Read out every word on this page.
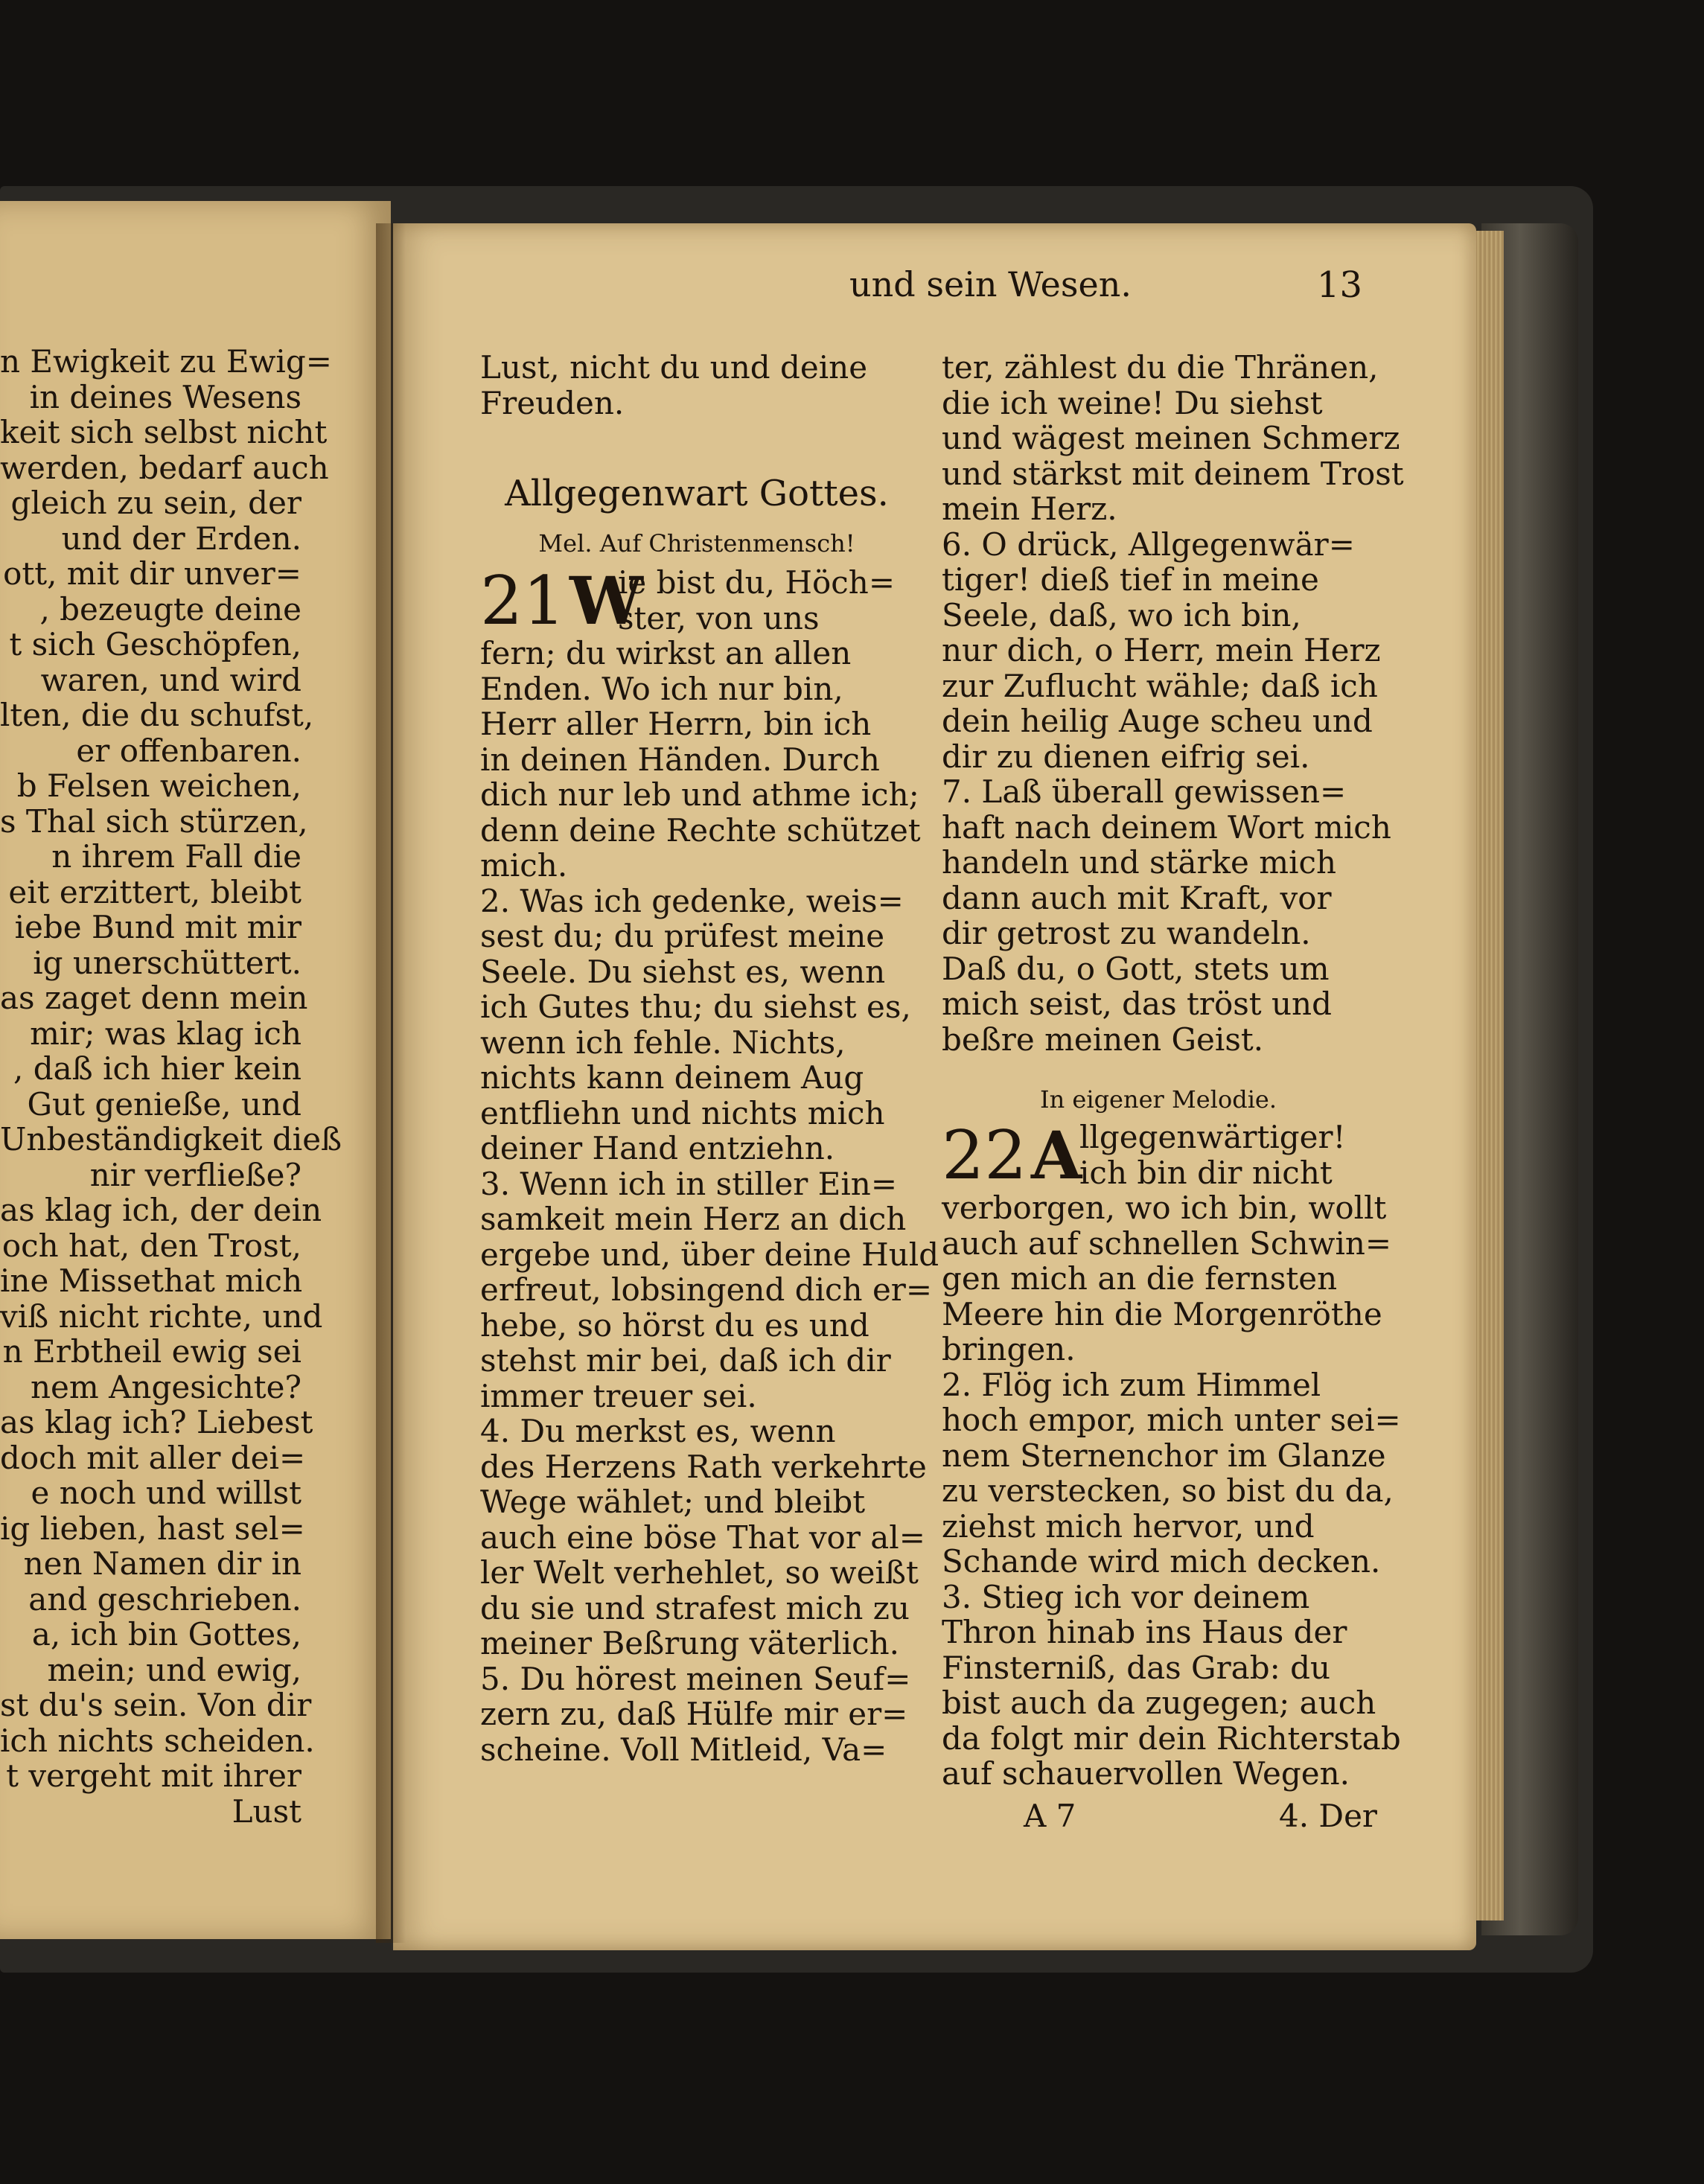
und sein Wesen.	13
n Ewigkeit zu Ewig=
in deines Wesens
keit sich selbst nicht
werden, bedarf auch
gleich zu sein, der
und der Erden.
ott, mit dir unver=
, bezeugte deine
t sich Geschöpfen,
waren, und wird
lten, die du schufst,
er offenbaren.
b Felsen weichen,
s Thal sich stürzen,
n ihrem Fall die
eit erzittert, bleibt
iebe Bund mit mir
ig unerschüttert.
as zaget denn mein
mir; was klag ich
, daß ich hier kein
Gut genieße, und
Unbeständigkeit dieß
nir verfließe?
as klag ich, der dein
och hat, den Trost,
ine Missethat mich
viß nicht richte, und
n Erbtheil ewig sei
nem Angesichte?
as klag ich? Liebest
doch mit aller dei=
e noch und willst
ig lieben, hast sel=
nen Namen dir in
and geschrieben.
a, ich bin Gottes,
mein; und ewig,
st du's sein. Von dir
ich nichts scheiden.
t vergeht mit ihrer
Lust
Lust, nicht du und deine
Freuden.
Allgegenwart Gottes.
Mel. Auf Christenmensch!
21 W
ie bist du, Höch=
ster, von uns
fern; du wirkst an allen
Enden. Wo ich nur bin,
Herr aller Herrn, bin ich
in deinen Händen. Durch
dich nur leb und athme ich;
denn deine Rechte schützet
mich.
2. Was ich gedenke, weis=
sest du; du prüfest meine
Seele. Du siehst es, wenn
ich Gutes thu; du siehst es,
wenn ich fehle. Nichts,
nichts kann deinem Aug
entfliehn und nichts mich
deiner Hand entziehn.
3. Wenn ich in stiller Ein=
samkeit mein Herz an dich
ergebe und, über deine Huld
erfreut, lobsingend dich er=
hebe, so hörst du es und
stehst mir bei, daß ich dir
immer treuer sei.
4. Du merkst es, wenn
des Herzens Rath verkehrte
Wege wählet; und bleibt
auch eine böse That vor al=
ler Welt verhehlet, so weißt
du sie und strafest mich zu
meiner Beßrung väterlich.
5. Du hörest meinen Seuf=
zern zu, daß Hülfe mir er=
scheine. Voll Mitleid, Va=
ter, zählest du die Thränen,
die ich weine! Du siehst
und wägest meinen Schmerz
und stärkst mit deinem Trost
mein Herz.
6. O drück, Allgegenwär=
tiger! dieß tief in meine
Seele, daß, wo ich bin,
nur dich, o Herr, mein Herz
zur Zuflucht wähle; daß ich
dein heilig Auge scheu und
dir zu dienen eifrig sei.
7. Laß überall gewissen=
haft nach deinem Wort mich
handeln und stärke mich
dann auch mit Kraft, vor
dir getrost zu wandeln.
Daß du, o Gott, stets um
mich seist, das tröst und
beßre meinen Geist.
In eigener Melodie.
22 A
llgegenwärtiger!
ich bin dir nicht
verborgen, wo ich bin, wollt
auch auf schnellen Schwin=
gen mich an die fernsten
Meere hin die Morgenröthe
bringen.
2. Flög ich zum Himmel
hoch empor, mich unter sei=
nem Sternenchor im Glanze
zu verstecken, so bist du da,
ziehst mich hervor, und
Schande wird mich decken.
3. Stieg ich vor deinem
Thron hinab ins Haus der
Finsterniß, das Grab: du
bist auch da zugegen; auch
da folgt mir dein Richterstab
auf schauervollen Wegen.
A 7	4. Der
